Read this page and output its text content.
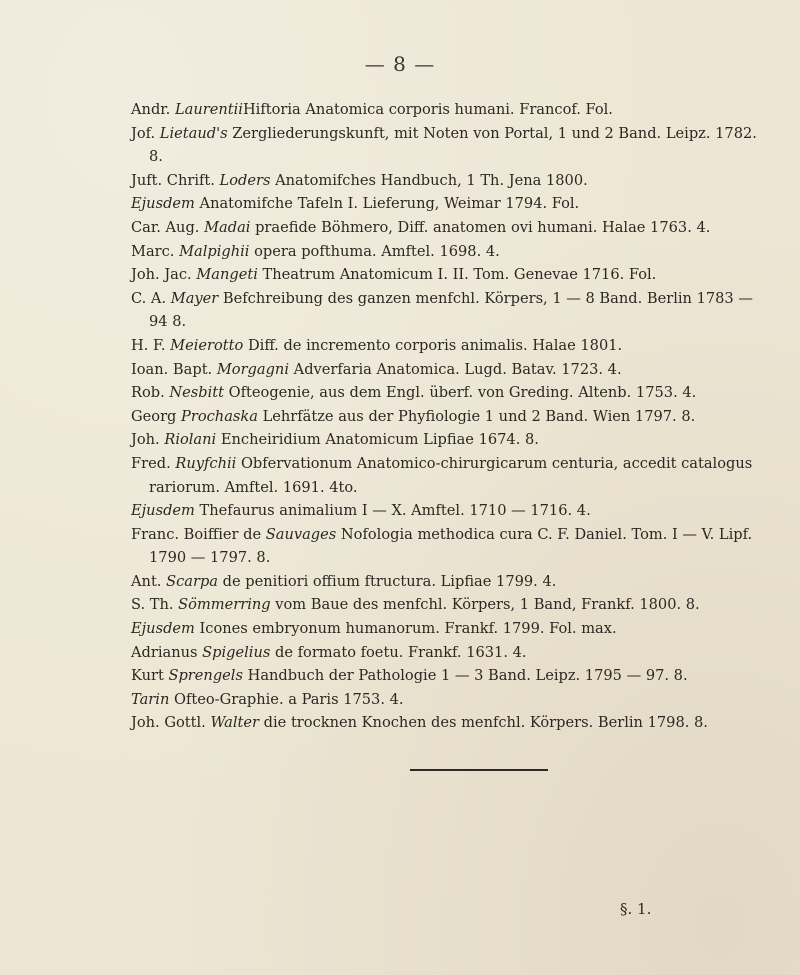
— 8 —

Andr. LaurentiiHiftoria Anatomica corporis humani. Francof. Fol.

Jof. Lietaud's Zergliederungskunft, mit Noten von Portal, 1 und 2 Band. Leipz. 1782. 8.

Juft. Chrift. Loders Anatomifches Handbuch, 1 Th. Jena 1800.

Ejusdem Anatomifche Tafeln I. Lieferung, Weimar 1794. Fol.

Car. Aug. Madai praefide Böhmero, Diff. anatomen ovi humani. Halae 1763. 4.

Marc. Malpighii opera pofthuma. Amftel. 1698. 4.

Joh. Jac. Mangeti Theatrum Anatomicum I. II. Tom. Genevae 1716. Fol.

C. A. Mayer Befchreibung des ganzen menfchl. Körpers, 1 — 8 Band. Berlin 1783 — 94 8.

H. F. Meierotto Diff. de incremento corporis animalis. Halae 1801.

Ioan. Bapt. Morgagni Adverfaria Anatomica. Lugd. Batav. 1723. 4.

Rob. Nesbitt Ofteogenie, aus dem Engl. überf. von Greding. Altenb. 1753. 4.

Georg Prochaska Lehrfätze aus der Phyfiologie 1 und 2 Band. Wien 1797. 8.

Joh. Riolani Encheiridium Anatomicum Lipfiae 1674. 8.

Fred. Ruyfchii Obfervationum Anatomico-chirurgicarum centuria, accedit catalogus rariorum. Amftel. 1691. 4to.

Ejusdem Thefaurus animalium I — X. Amftel. 1710 — 1716. 4.

Franc. Boiffier de Sauvages Nofologia methodica cura C. F. Daniel. Tom. I — V. Lipf. 1790 — 1797. 8.

Ant. Scarpa de penitiori offium ftructura. Lipfiae 1799. 4.

S. Th. Sömmerring vom Baue des menfchl. Körpers, 1 Band, Frankf. 1800. 8.

Ejusdem Icones embryonum humanorum. Frankf. 1799. Fol. max.

Adrianus Spigelius de formato foetu. Frankf. 1631. 4.

Kurt Sprengels Handbuch der Pathologie 1 — 3 Band. Leipz. 1795 — 97. 8.

Tarin Ofteo-Graphie. a Paris 1753. 4.

Joh. Gottl. Walter die trocknen Knochen des menfchl. Körpers. Berlin 1798. 8.

§. 1.
